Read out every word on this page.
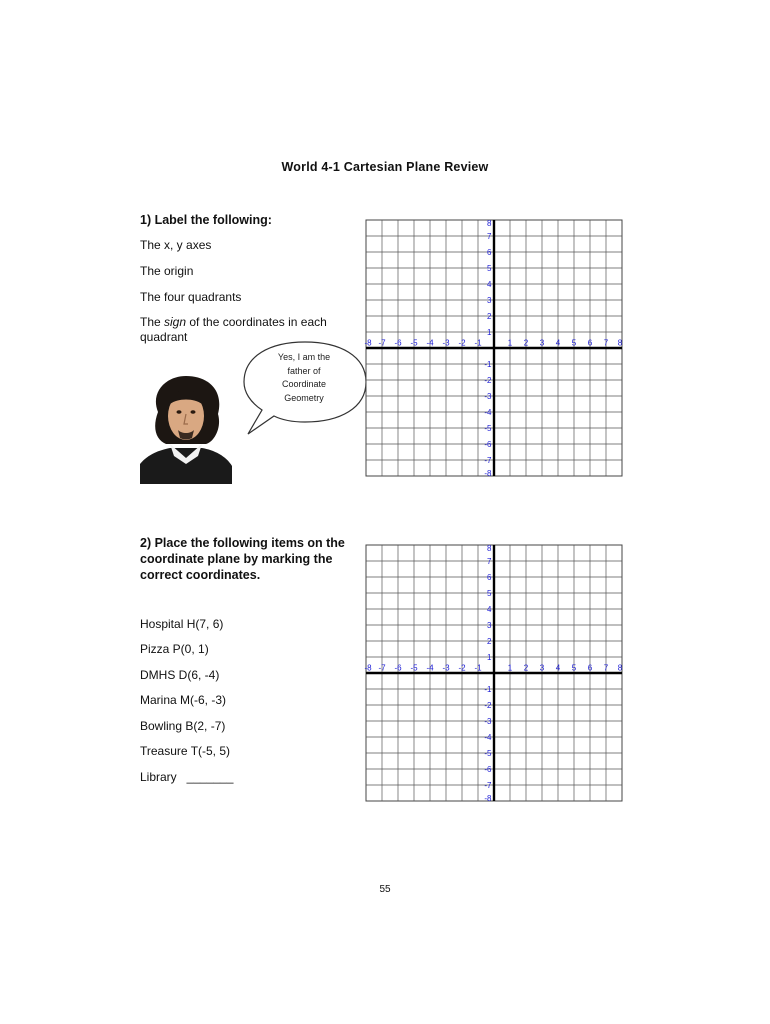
World 4-1 Cartesian Plane Review
1) Label the following:
The x, y axes
The origin
The four quadrants
The sign of the coordinates in each quadrant
Yes, I am the
father of
Coordinate
Geometry
-8 -7 -6 -5 -4 -3 -2 -1	1 2 3 4 5 6 7 8
8
7
6
5
4
3
2
1
-1
-2
-3
-4
-5
-6
-7
-8
2) Place the following items on the coordinate plane by marking the correct coordinates.
Hospital H(7, 6)
Pizza P(0, 1)
DMHS D(6, -4)
Marina M(-6, -3)
Bowling B(2, -7)
Treasure T(-5, 5)
Library   _______
-8 -7 -6 -5 -4 -3 -2 -1	1 2 3 4 5 6 7 8
8
7
6
5
4
3
2
1
-1
-2
-3
-4
-5
-6
-7
-8
55
